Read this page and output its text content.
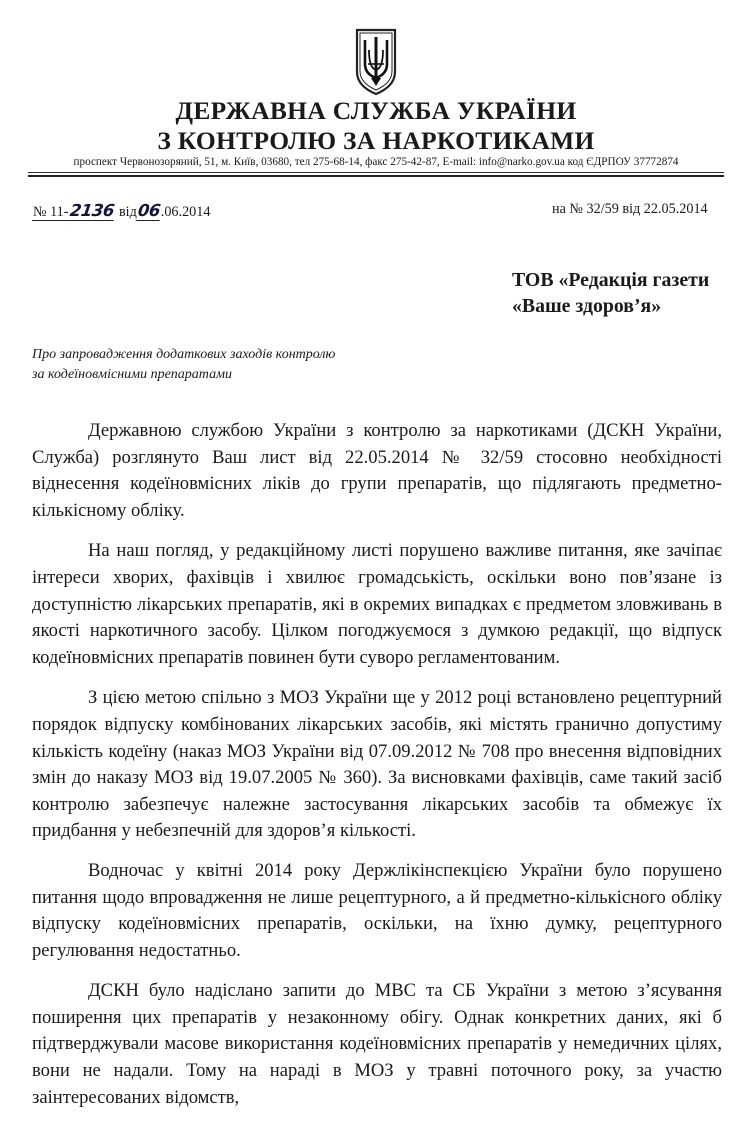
ДЕРЖАВНА СЛУЖБА УКРАЇНИ
З КОНТРОЛЮ ЗА НАРКОТИКАМИ
проспект Червонозоряний, 51, м. Київ, 03680, тел 275-68-14, факс 275-42-87, E-mail: info@narko.gov.ua код ЄДРПОУ 37772874
№ 11-2136 від06.06.2014	на № 32/59 від 22.05.2014
ТОВ «Редакція газети
«Ваше здоров’я»
Про запровадження додаткових заходів контролю
за кодеїновмісними препаратами

Державною службою України з контролю за наркотиками (ДСКН України, Служба) розглянуто Ваш лист від 22.05.2014 № 32/59 стосовно необхідності віднесення кодеїновмісних ліків до групи препаратів, що підлягають предметно-кількісному обліку.

На наш погляд, у редакційному листі порушено важливе питання, яке зачіпає інтереси хворих, фахівців і хвилює громадськість, оскільки воно пов’язане із доступністю лікарських препаратів, які в окремих випадках є предметом зловживань в якості наркотичного засобу. Цілком погоджуємося з думкою редакції, що відпуск кодеїновмісних препаратів повинен бути суворо регламентованим.

З цією метою спільно з МОЗ України ще у 2012 році встановлено рецептурний порядок відпуску комбінованих лікарських засобів, які містять гранично допустиму кількість кодеїну (наказ МОЗ України від 07.09.2012 № 708 про внесення відповідних змін до наказу МОЗ від 19.07.2005 № 360). За висновками фахівців, саме такий засіб контролю забезпечує належне застосування лікарських засобів та обмежує їх придбання у небезпечній для здоров’я кількості.

Водночас у квітні 2014 року Держлікінспекцією України було порушено питання щодо впровадження не лише рецептурного, а й предметно-кількісного обліку відпуску кодеїновмісних препаратів, оскільки, на їхню думку, рецептурного регулювання недостатньо.

ДСКН було надіслано запити до МВС та СБ України з метою з’ясування поширення цих препаратів у незаконному обігу. Однак конкретних даних, які б підтверджували масове використання кодеїновмісних препаратів у немедичних цілях, вони не надали. Тому на нараді в МОЗ у травні поточного року, за участю заінтересованих відомств,
